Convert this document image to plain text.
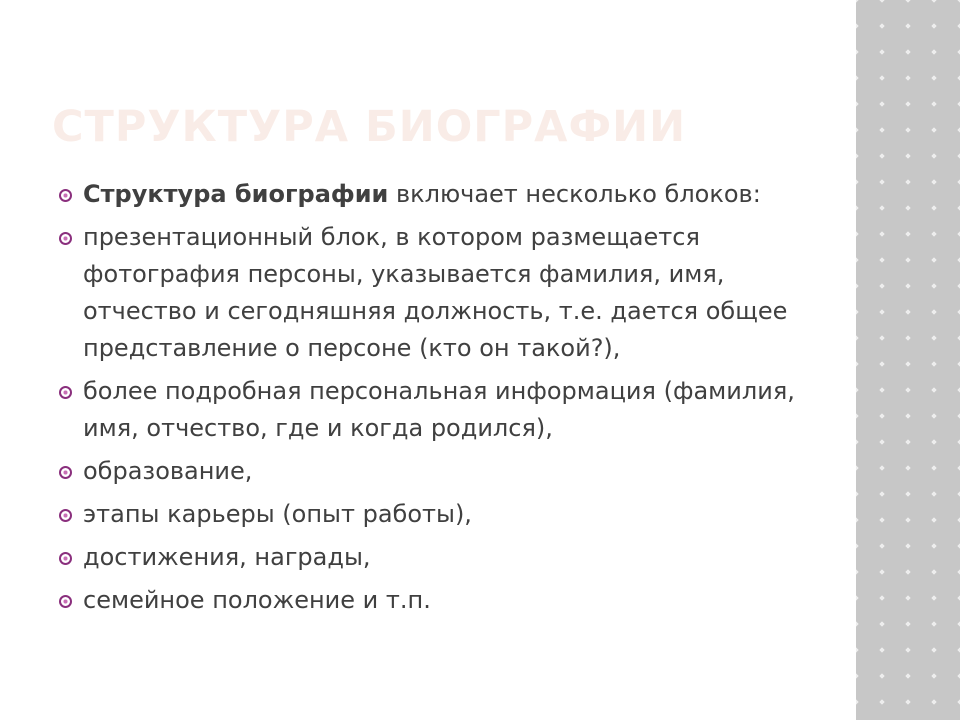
СТРУКТУРА БИОГРАФИИ
Структура биографии включает несколько блоков:
презентационный блок, в котором размещается фотография персоны, указывается фамилия, имя, отчество и сегодняшняя должность, т.е. дается общее представление о персоне (кто он такой?),
более подробная персональная информация (фамилия, имя, отчество, где и когда родился),
образование,
этапы карьеры (опыт работы),
достижения, награды,
семейное положение и т.п.
